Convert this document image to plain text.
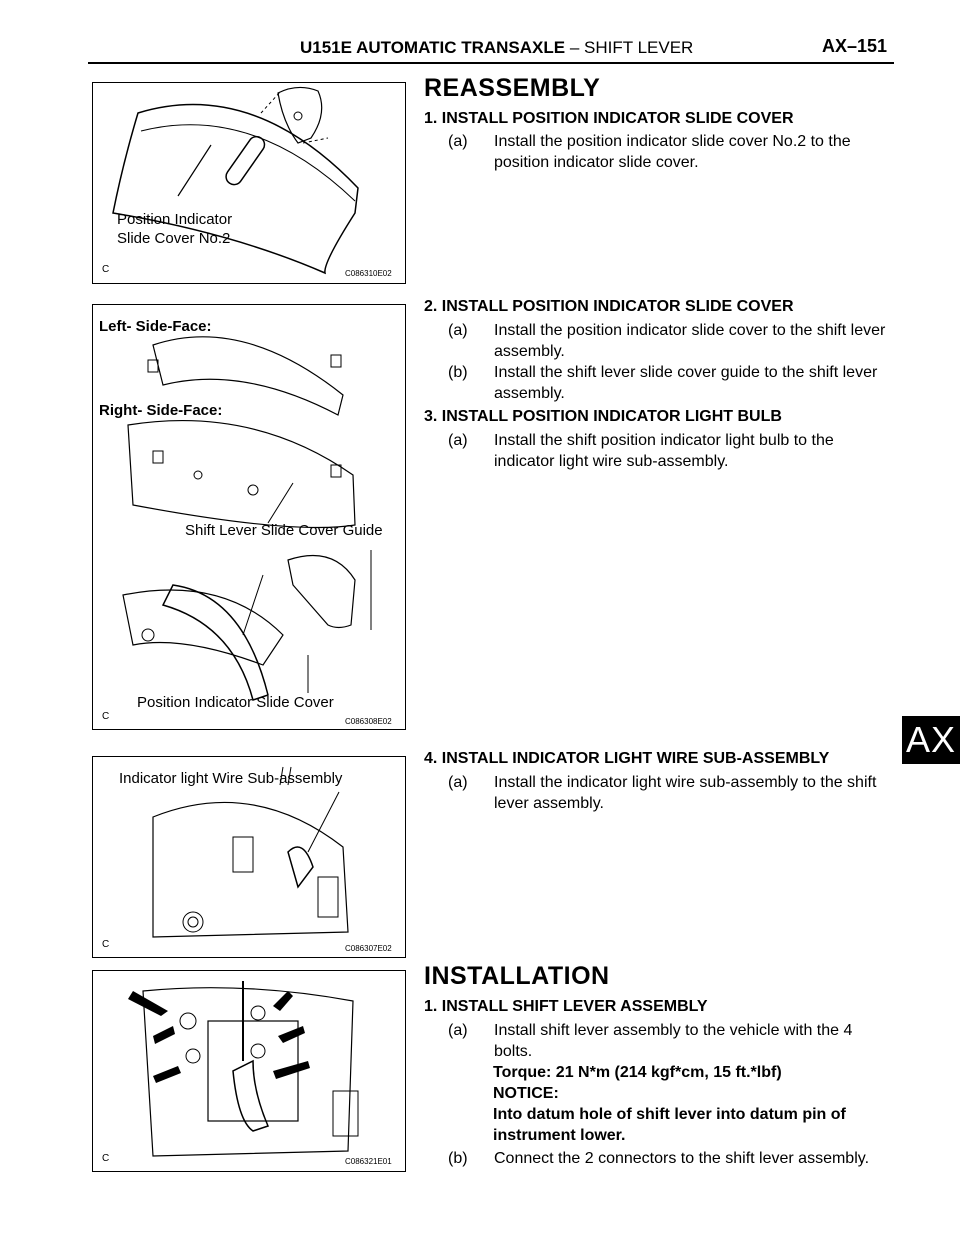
U151E AUTOMATIC TRANSAXLE – SHIFT LEVER	AX–151
AX
Position Indicator
Slide Cover No.2
C	C086310E02
Left- Side-Face:
Right- Side-Face:
Shift Lever Slide Cover Guide
Position Indicator Slide Cover
C	C086308E02
Indicator light Wire Sub-assembly
C	C086307E02
C	C086321E01
REASSEMBLY
1. INSTALL POSITION INDICATOR SLIDE COVER
(a)	Install the position indicator slide cover No.2 to the position indicator slide cover.
2. INSTALL POSITION INDICATOR SLIDE COVER
(a)	Install the position indicator slide cover to the shift lever assembly.
(b)	Install the shift lever slide cover guide to the shift lever assembly.
3. INSTALL POSITION INDICATOR LIGHT BULB
(a)	Install the shift position indicator light bulb to the indicator light wire sub-assembly.
4. INSTALL INDICATOR LIGHT WIRE SUB-ASSEMBLY
(a)	Install the indicator light wire sub-assembly to the shift lever assembly.
INSTALLATION
1. INSTALL SHIFT LEVER ASSEMBLY
(a)	Install shift lever assembly to the vehicle with the 4 bolts.
Torque: 21 N*m (214 kgf*cm, 15 ft.*lbf)
NOTICE:
Into datum hole of shift lever into datum pin of instrument lower.
(b)	Connect the 2 connectors to the shift lever assembly.
